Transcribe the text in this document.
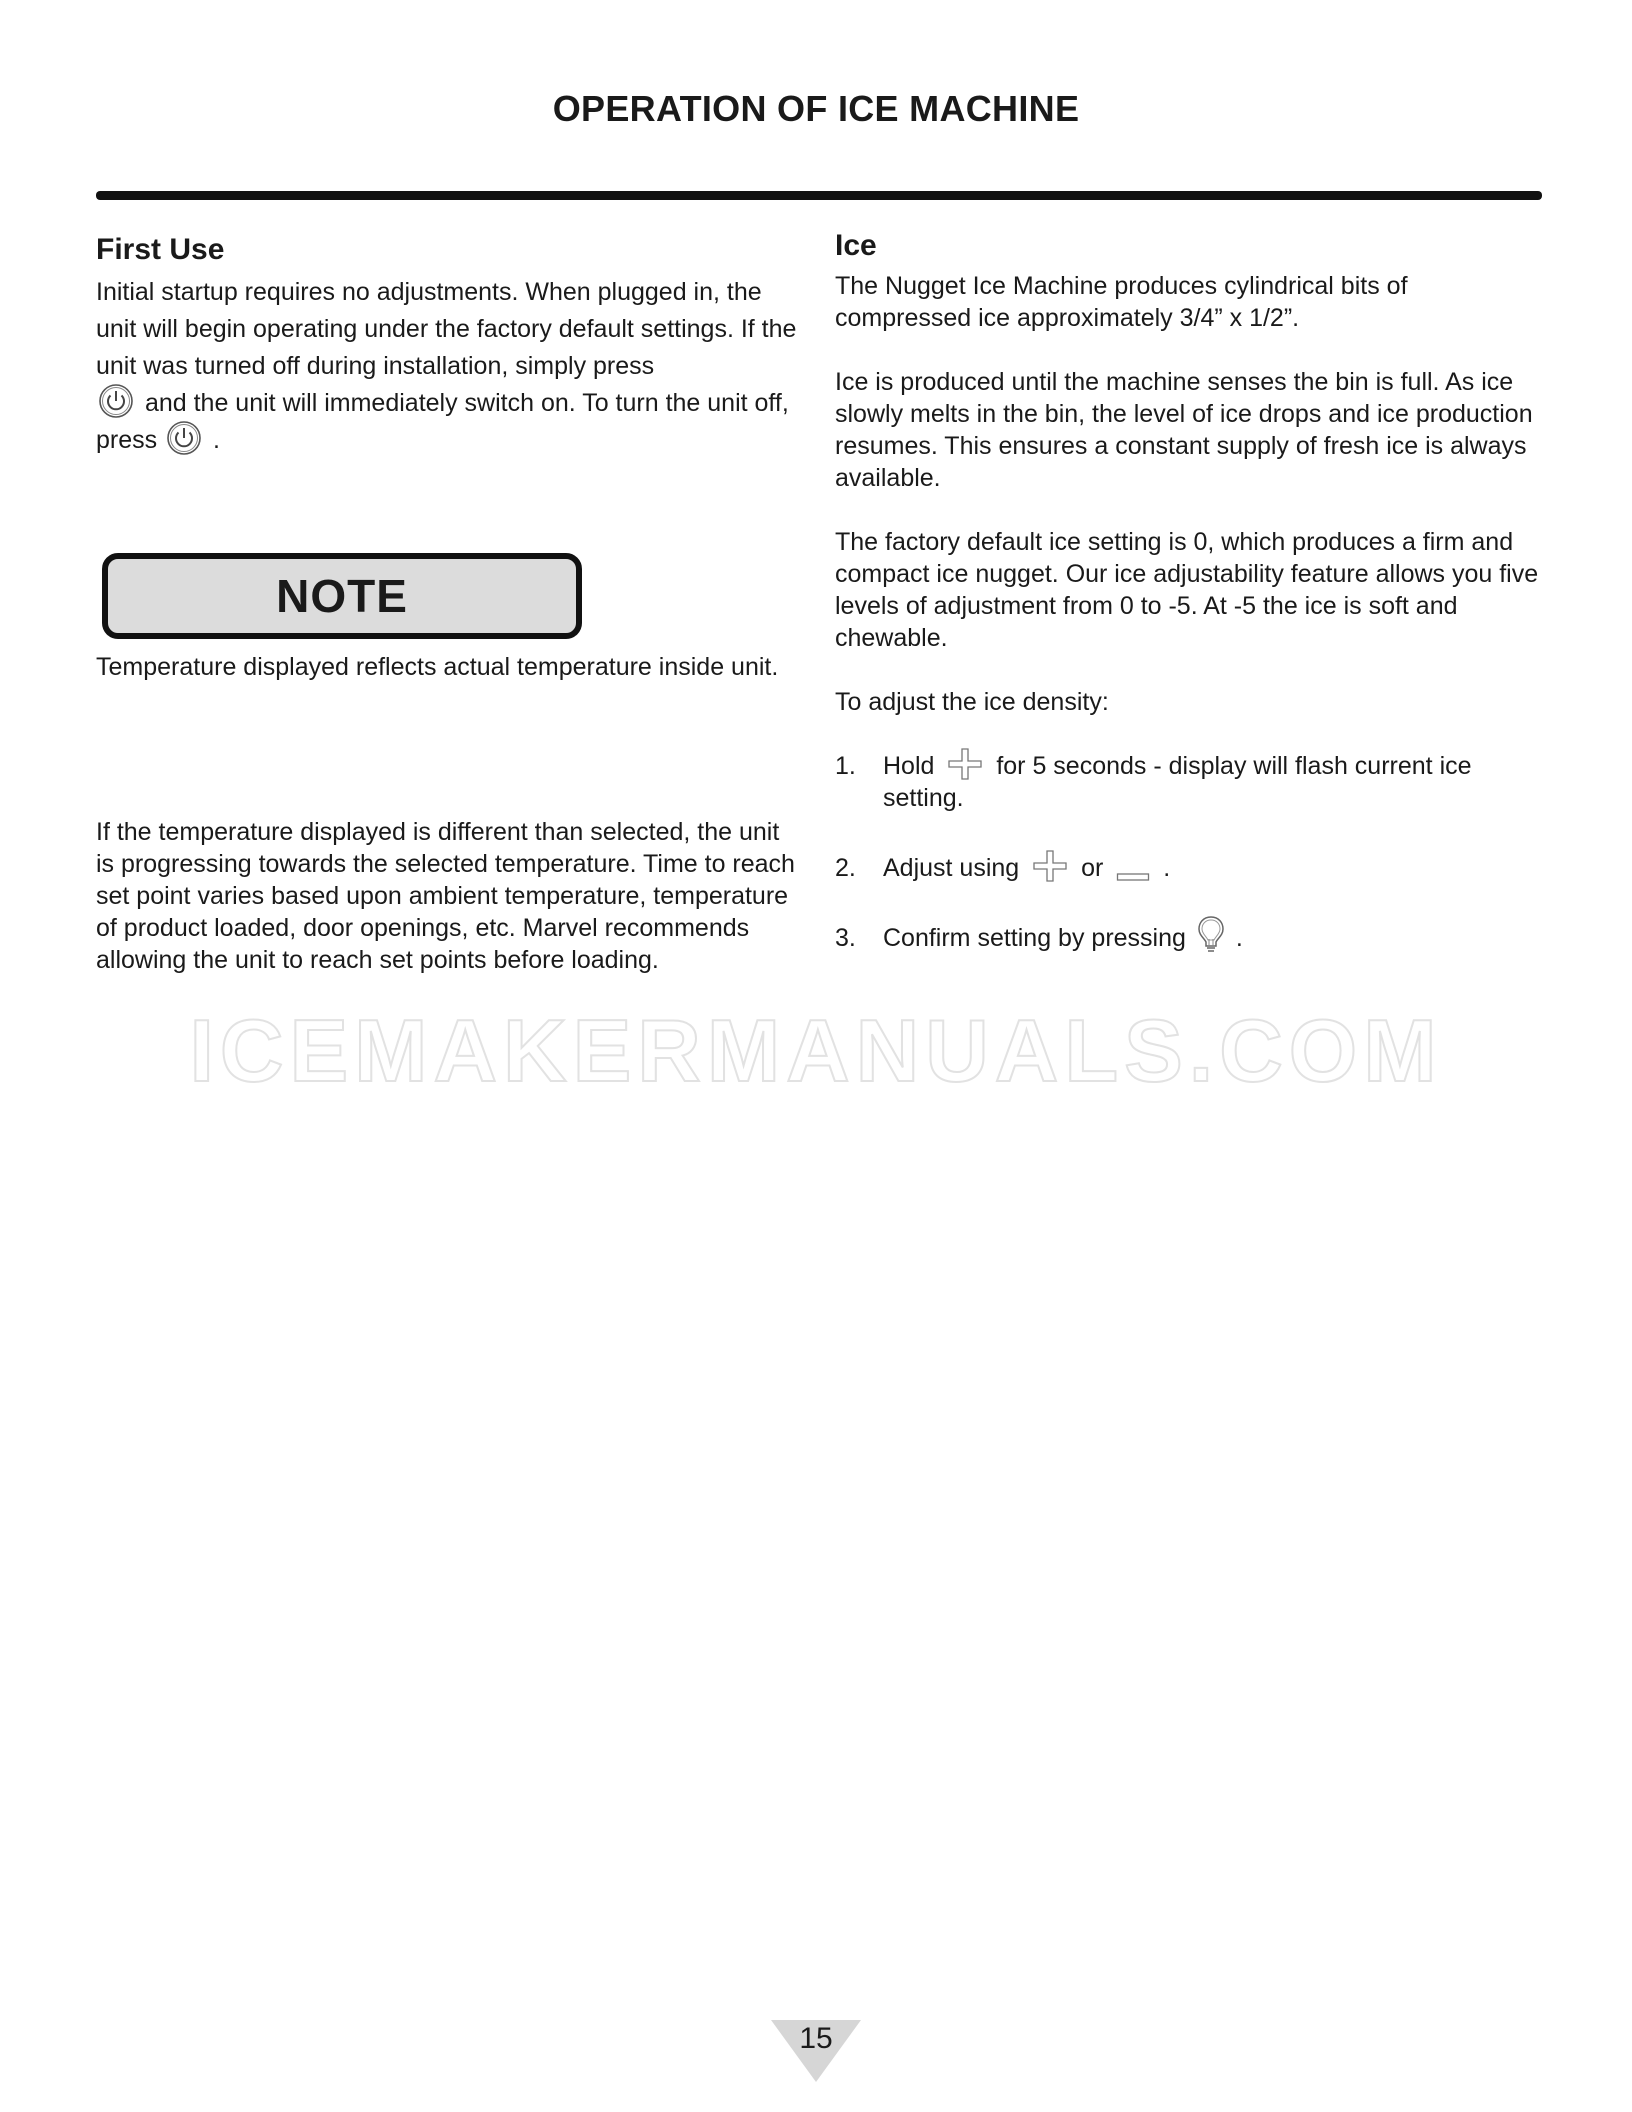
OPERATION OF ICE MACHINE
First Use

Initial startup requires no adjustments. When plugged in, the unit will begin operating under the factory default settings. If the unit was turned off during installation, simply press
and the unit will immediately switch on. To turn the unit off, press .

NOTE

Temperature displayed reflects actual temperature inside unit.

If the temperature displayed is different than selected, the unit is progressing towards the selected temperature. Time to reach set point varies based upon ambient temperature, temperature of product loaded, door openings, etc. Marvel recommends allowing the unit to reach set points before loading.

Ice

The Nugget Ice Machine produces cylindrical bits of compressed ice approximately 3/4” x 1/2”.

Ice is produced until the machine senses the bin is full. As ice slowly melts in the bin, the level of ice drops and ice production resumes. This ensures a constant supply of fresh ice is always available.

The factory default ice setting is 0, which produces a firm and compact ice nugget. Our ice adjustability feature allows you five levels of adjustment from 0 to -5. At -5 the ice is soft and chewable.

To adjust the ice density:

1.	Hold for 5 seconds - display will flash current ice setting.
2.	Adjust using or .
3.	Confirm setting by pressing .
ICEMAKERMANUALS.COM
15
